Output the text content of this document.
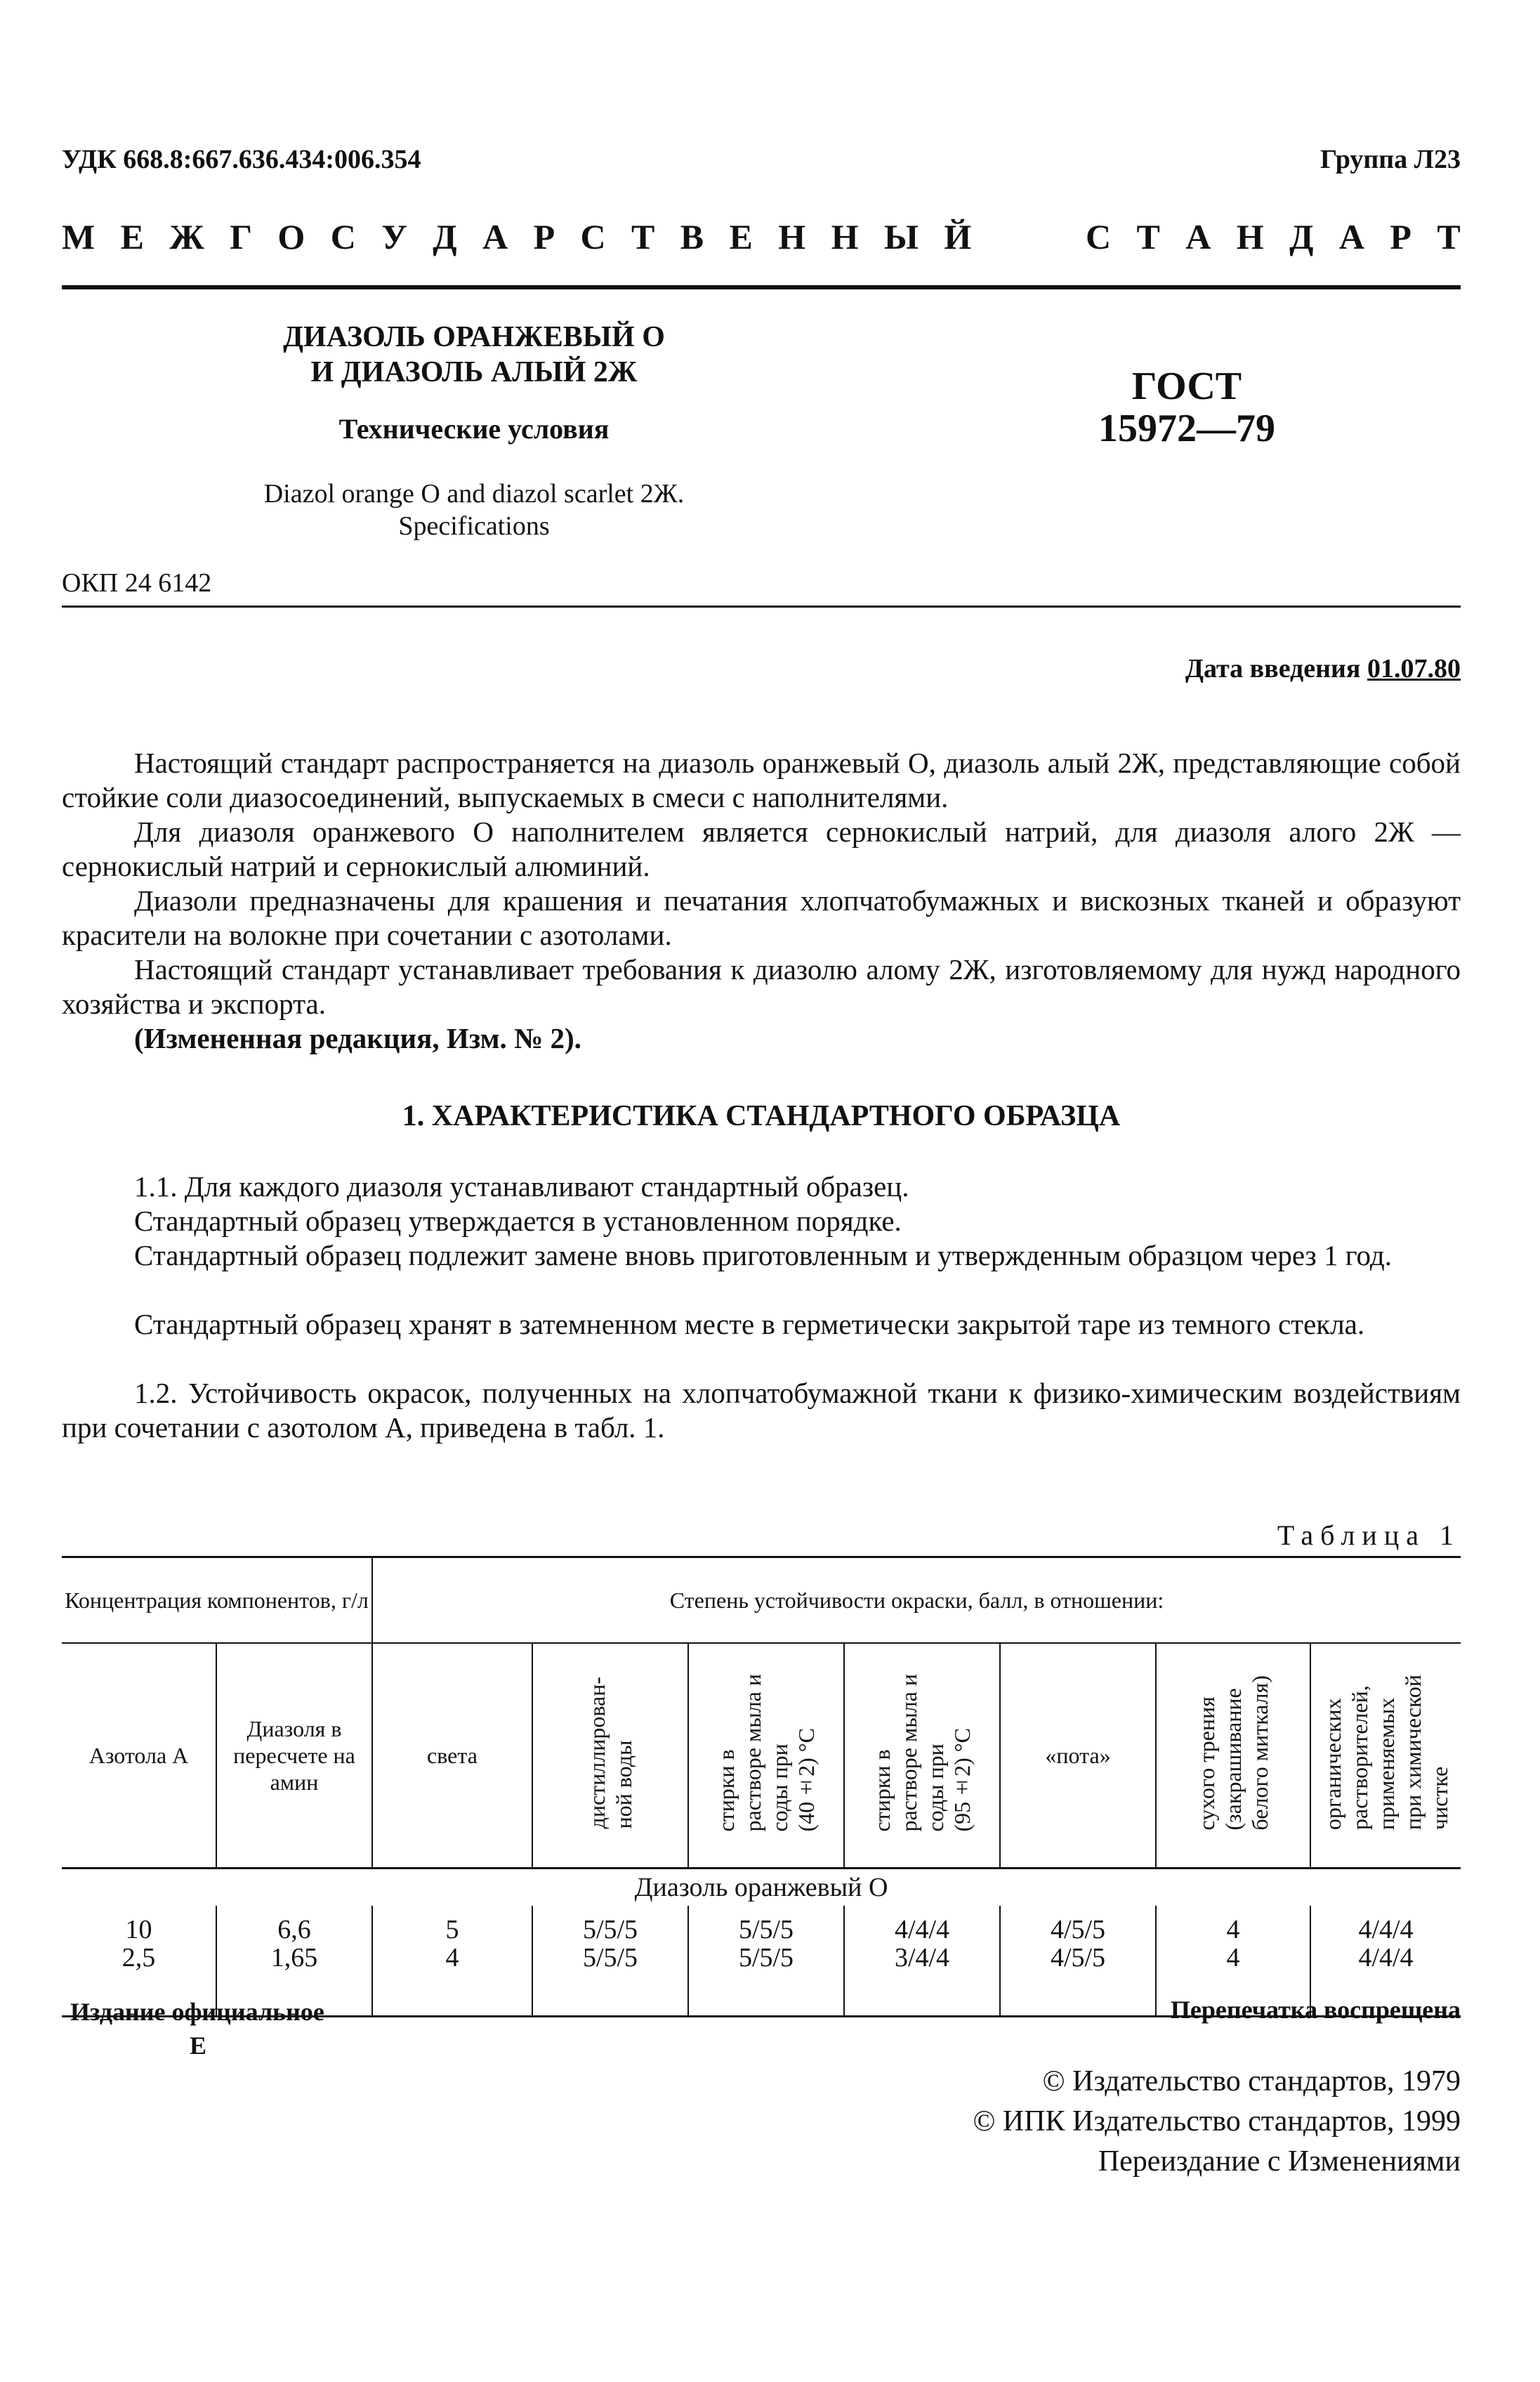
УДК 668.8:667.636.434:006.354	Группа Л23
М Е Ж Г О С У Д А Р С Т В Е Н Н Ы Й	С Т А Н Д А Р Т
ДИАЗОЛЬ ОРАНЖЕВЫЙ О
И ДИАЗОЛЬ АЛЫЙ 2Ж
Технические условия
Diazol orange O and diazol scarlet 2Ж.
Specifications
ГОСТ
15972—79
ОКП 24 6142
Дата введения 01.07.80
Настоящий стандарт распространяется на диазоль оранжевый О, диазоль алый 2Ж, представляющие собой стойкие соли диазосоединений, выпускаемых в смеси с наполнителями.
Для диазоля оранжевого О наполнителем является сернокислый натрий, для диазоля алого 2Ж — сернокислый натрий и сернокислый алюминий.
Диазоли предназначены для крашения и печатания хлопчатобумажных и вискозных тканей и образуют красители на волокне при сочетании с азотолами.
Настоящий стандарт устанавливает требования к диазолю алому 2Ж, изготовляемому для нужд народного хозяйства и экспорта.
(Измененная редакция, Изм. № 2).
1. ХАРАКТЕРИСТИКА СТАНДАРТНОГО ОБРАЗЦА
1.1. Для каждого диазоля устанавливают стандартный образец.
Стандартный образец утверждается в установленном порядке.
Стандартный образец подлежит замене вновь приготовленным и утвержденным образцом через 1 год.
Стандартный образец хранят в затемненном месте в герметически закрытой таре из темного стекла.
1.2. Устойчивость окрасок, полученных на хлопчатобумажной ткани к физико-химическим воздействиям при сочетании с азотолом А, приведена в табл. 1.
Таблица 1
Концентрация компонентов, г/л		Степень устойчивости окраски, балл, в отношении:						
Азотола А	Диазоля в пересчете на амин	света	дистиллирован-
ной воды	стирки в
растворе мыла и
соды при
(40±2) °С	стирки в
растворе мыла и
соды при
(95±2) °С	«пота»	сухого трения
(закрашивание
белого миткаля)	органических
растворителей,
применяемых
при химической
чистке
Диазоль оранжевый О								
10	6,6	5	5/5/5	5/5/5	4/4/4	4/5/5	4	4/4/4
2,5	1,65	4	5/5/5	5/5/5	3/4/4	4/5/5	4	4/4/4
Издание официальное
Е
Перепечатка воспрещена
© Издательство стандартов, 1979
© ИПК Издательство стандартов, 1999
Переиздание с Изменениями
